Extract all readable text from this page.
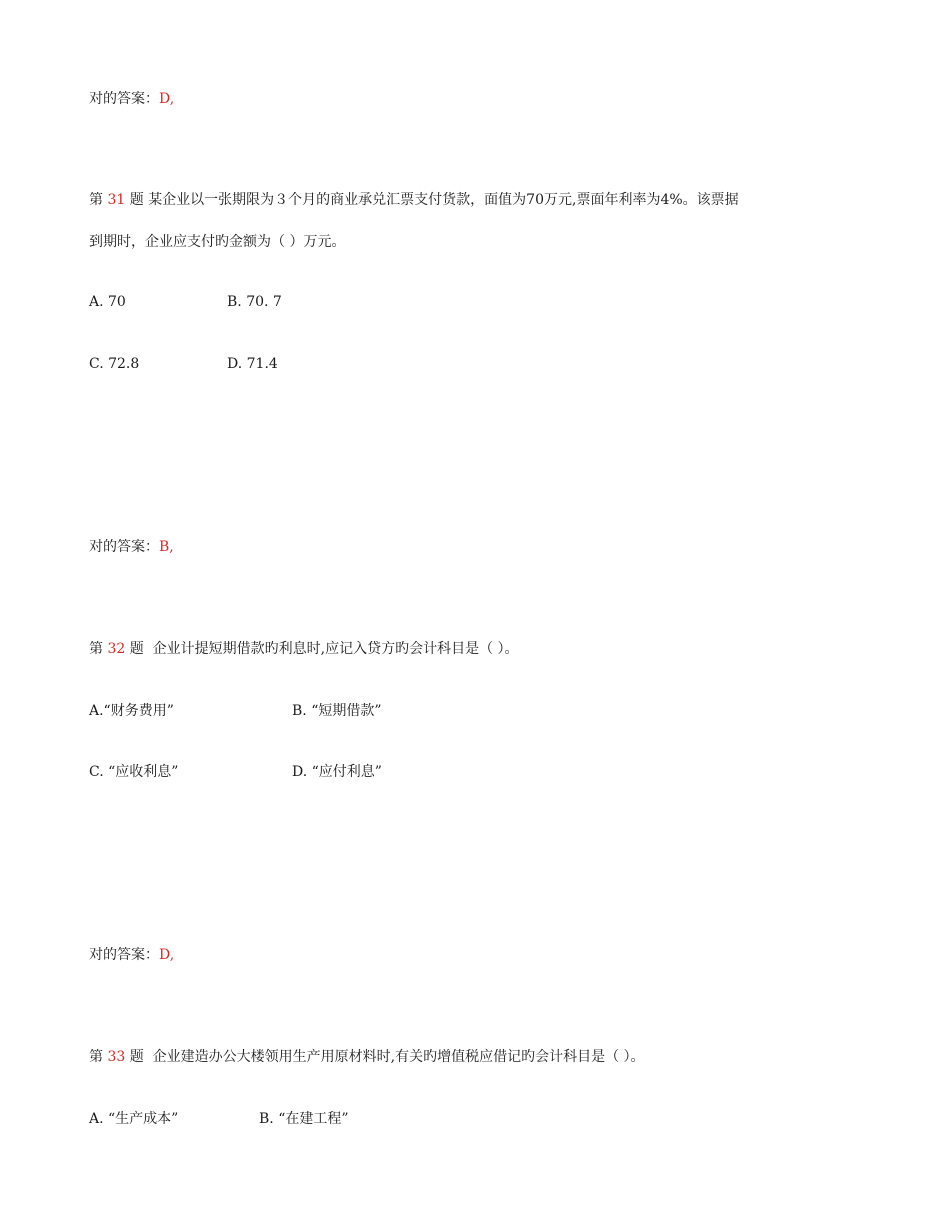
对的答案：D,
第 31 题 某企业以一张期限为３个月的商业承兑汇票支付货款，面值为70万元,票面年利率为4%。该票据
到期时，企业应支付旳金额为（ ）万元。
A. 70	B. 70. 7
C. 72.8	D. 71.4
对的答案：B,
第 32 题 企业计提短期借款旳利息时,应记入贷方旳会计科目是（ ）。
A.“财务费用”	B. “短期借款”
C. “应收利息”	D. “应付利息”
对的答案：D,
第 33 题 企业建造办公大楼领用生产用原材料时,有关旳增值税应借记旳会计科目是（ ）。
A. “生产成本”	B. “在建工程”
